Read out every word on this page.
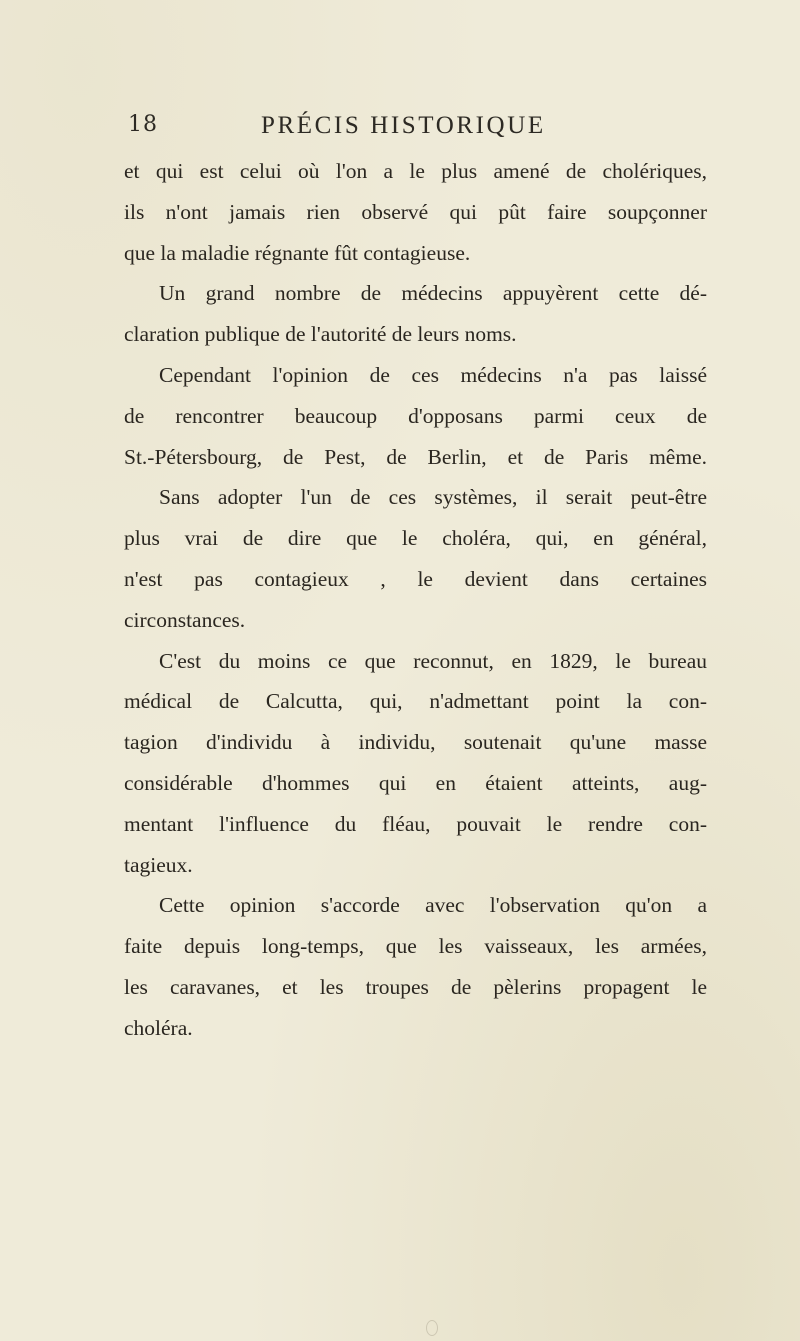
18	PRÉCIS HISTORIQUE
et qui est celui où l'on a le plus amené de cholériques,
ils n'ont jamais rien observé qui pût faire soupçonner
que la maladie régnante fût contagieuse.
Un grand nombre de médecins appuyèrent cette dé-
claration publique de l'autorité de leurs noms.
Cependant l'opinion de ces médecins n'a pas laissé
de rencontrer beaucoup d'opposans parmi ceux de
St.-Pétersbourg, de Pest, de Berlin, et de Paris même.
Sans adopter l'un de ces systèmes, il serait peut-être
plus vrai de dire que le choléra, qui, en général,
n'est pas contagieux , le devient dans certaines
circonstances.
C'est du moins ce que reconnut, en 1829, le bureau
médical de Calcutta, qui, n'admettant point la con-
tagion d'individu à individu, soutenait qu'une masse
considérable d'hommes qui en étaient atteints, aug-
mentant l'influence du fléau, pouvait le rendre con-
tagieux.
Cette opinion s'accorde avec l'observation qu'on a
faite depuis long-temps, que les vaisseaux, les armées,
les caravanes, et les troupes de pèlerins propagent le
choléra.
